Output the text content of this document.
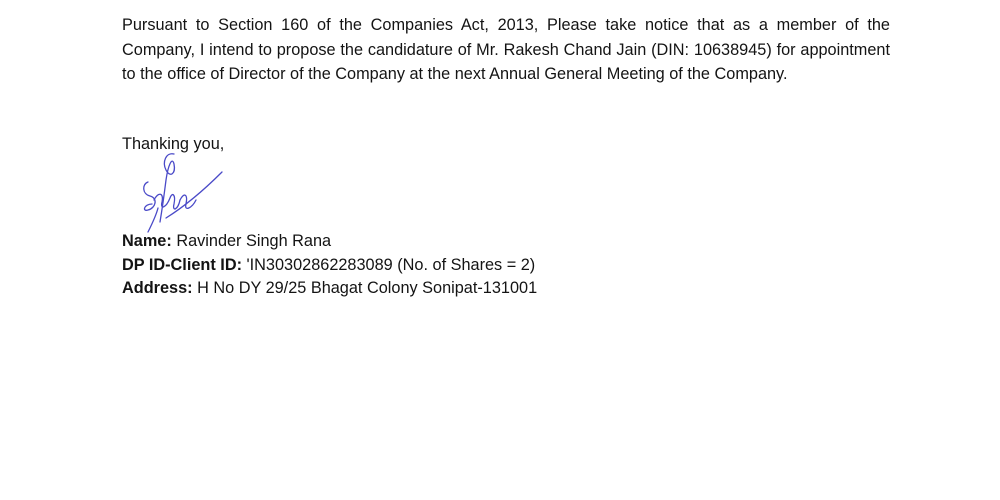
Pursuant to Section 160 of the Companies Act, 2013, Please take notice that as a member of the Company, I intend to propose the candidature of Mr. Rakesh Chand Jain (DIN: 10638945) for appointment to the office of Director of the Company at the next Annual General Meeting of the Company.

Thanking you,

Name: Ravinder Singh Rana
DP ID-Client ID: 'IN30302862283089 (No. of Shares = 2)
Address: H No DY 29/25 Bhagat Colony Sonipat-131001
